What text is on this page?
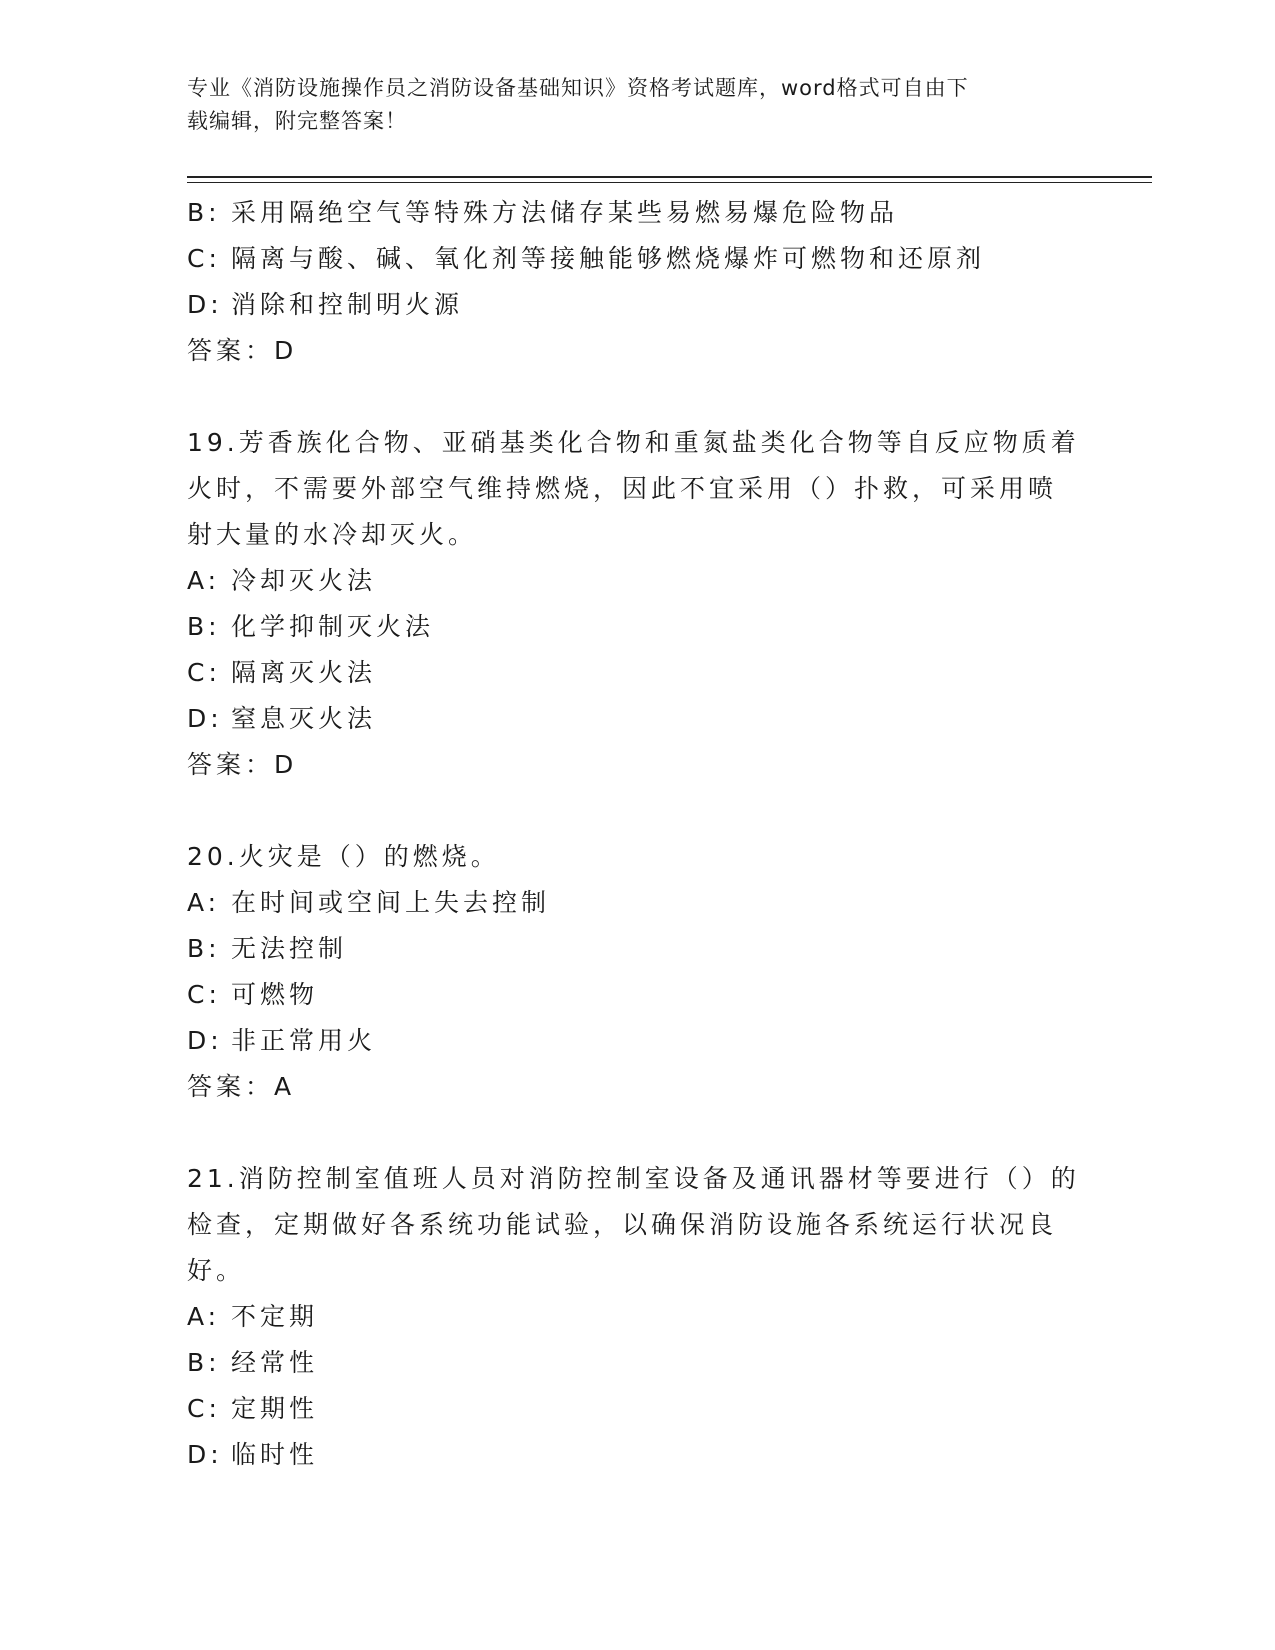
专业《消防设施操作员之消防设备基础知识》资格考试题库，word格式可自由下
载编辑，附完整答案！
B: 采用隔绝空气等特殊方法储存某些易燃易爆危险物品
C: 隔离与酸、碱、氧化剂等接触能够燃烧爆炸可燃物和还原剂
D: 消除和控制明火源
答案：D
19.芳香族化合物、亚硝基类化合物和重氮盐类化合物等自反应物质着
火时，不需要外部空气维持燃烧，因此不宜采用（）扑救，可采用喷
射大量的水冷却灭火。
A: 冷却灭火法
B: 化学抑制灭火法
C: 隔离灭火法
D: 窒息灭火法
答案：D
20.火灾是（）的燃烧。
A: 在时间或空间上失去控制
B: 无法控制
C: 可燃物
D: 非正常用火
答案：A
21.消防控制室值班人员对消防控制室设备及通讯器材等要进行（）的
检查，定期做好各系统功能试验，以确保消防设施各系统运行状况良
好。
A: 不定期
B: 经常性
C: 定期性
D: 临时性
